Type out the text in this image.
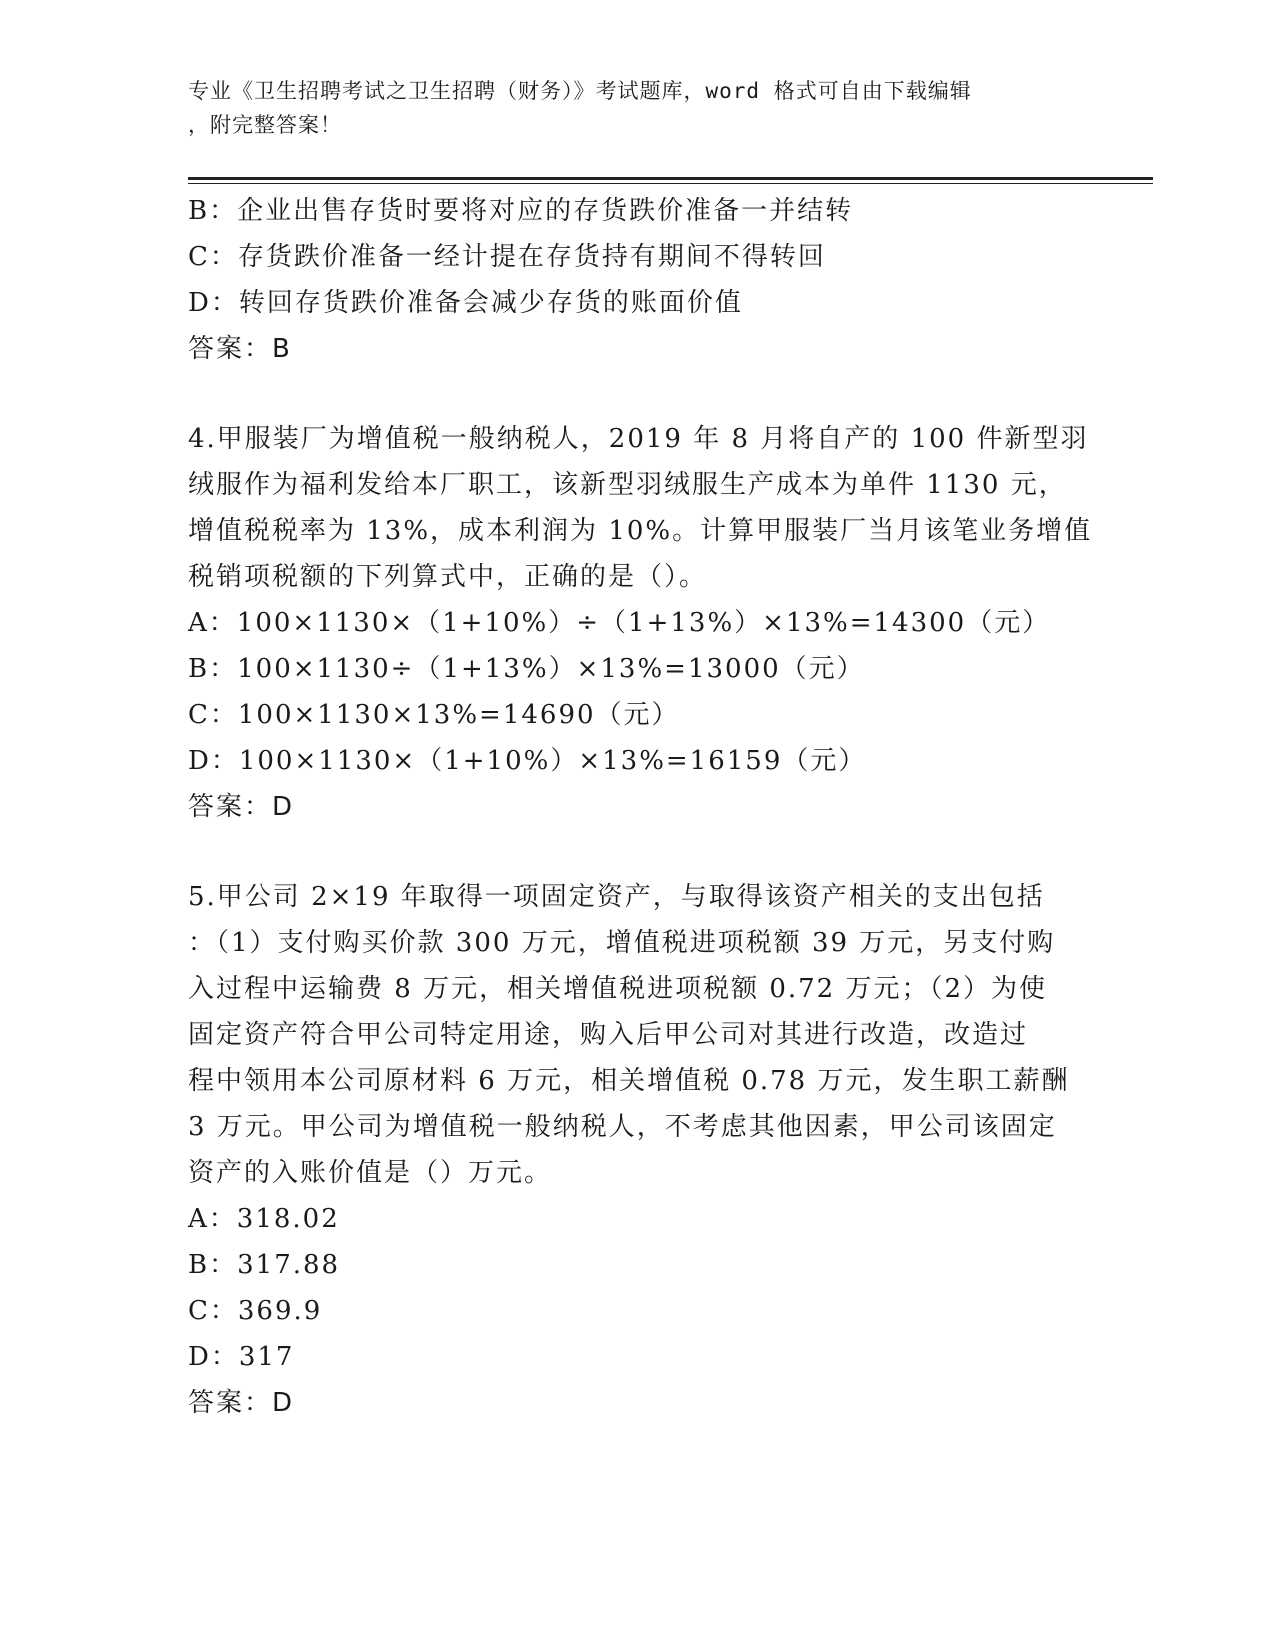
专业《卫生招聘考试之卫生招聘（财务）》考试题库，word 格式可自由下载编辑
，附完整答案！
B：企业出售存货时要将对应的存货跌价准备一并结转
C：存货跌价准备一经计提在存货持有期间不得转回
D：转回存货跌价准备会减少存货的账面价值
答案：B
4.甲服装厂为增值税一般纳税人，2019 年 8 月将自产的 100 件新型羽
绒服作为福利发给本厂职工，该新型羽绒服生产成本为单件 1130 元，
增值税税率为 13%，成本利润为 10%。计算甲服装厂当月该笔业务增值
税销项税额的下列算式中，正确的是（）。
A：100×1130×（1+10%）÷（1+13%）×13%=14300（元）
B：100×1130÷（1+13%）×13%=13000（元）
C：100×1130×13%=14690（元）
D：100×1130×（1+10%）×13%=16159（元）
答案：D
5.甲公司 2×19 年取得一项固定资产，与取得该资产相关的支出包括
：（1）支付购买价款 300 万元，增值税进项税额 39 万元，另支付购
入过程中运输费 8 万元，相关增值税进项税额 0.72 万元；（2）为使
固定资产符合甲公司特定用途，购入后甲公司对其进行改造，改造过
程中领用本公司原材料 6 万元，相关增值税 0.78 万元，发生职工薪酬
3 万元。甲公司为增值税一般纳税人，不考虑其他因素，甲公司该固定
资产的入账价值是（）万元。
A：318.02
B：317.88
C：369.9
D：317
答案：D
